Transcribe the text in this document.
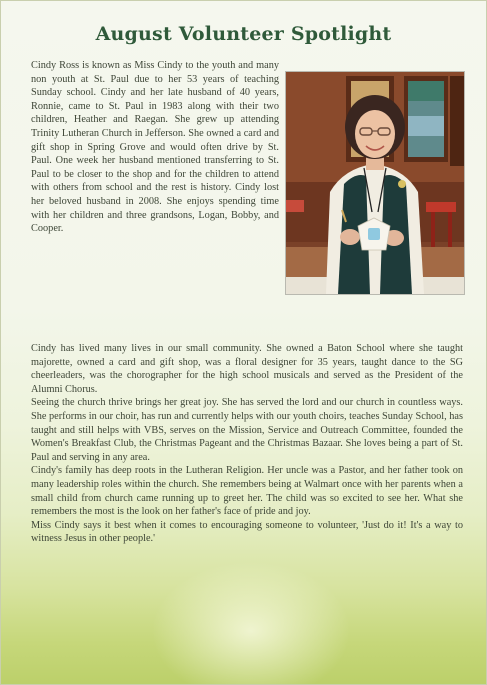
August Volunteer Spotlight

Cindy Ross is known as Miss Cindy to the youth and many non youth at St. Paul due to her 53 years of teaching Sunday school. Cindy and her late husband of 40 years, Ronnie, came to St. Paul in 1983 along with their two children, Heather and Raegan. She grew up attending Trinity Lutheran Church in Jefferson. She owned a card and gift shop in Spring Grove and would often drive by St. Paul. One week her husband mentioned transferring to St. Paul to be closer to the shop and for the children to attend with others from school and the rest is history. Cindy lost her beloved husband in 2008. She enjoys spending time with her children and three grandsons, Logan, Bobby, and Cooper.

Cindy has lived many lives in our small community. She owned a Baton School where she taught majorette, owned a card and gift shop, was a floral designer for 35 years, taught dance to the SG cheerleaders, was the chorographer for the high school musicals and served as the President of the Alumni Chorus.

Seeing the church thrive brings her great joy. She has served the lord and our church in countless ways. She performs in our choir, has run and currently helps with our youth choirs, teaches Sunday School, has taught and still helps with VBS, serves on the Mission, Service and Outreach Committee, founded the Women's Breakfast Club, the Christmas Pageant and the Christmas Bazaar. She loves being a part of St. Paul and serving in any area.

Cindy's family has deep roots in the Lutheran Religion. Her uncle was a Pastor, and her father took on many leadership roles within the church. She remembers being at Walmart once with her parents when a small child from church came running up to greet her. The child was so excited to see her. What she remembers the most is the look on her father's face of pride and joy.

Miss Cindy says it best when it comes to encouraging someone to volunteer, 'Just do it! It's a way to witness Jesus in other people.'
